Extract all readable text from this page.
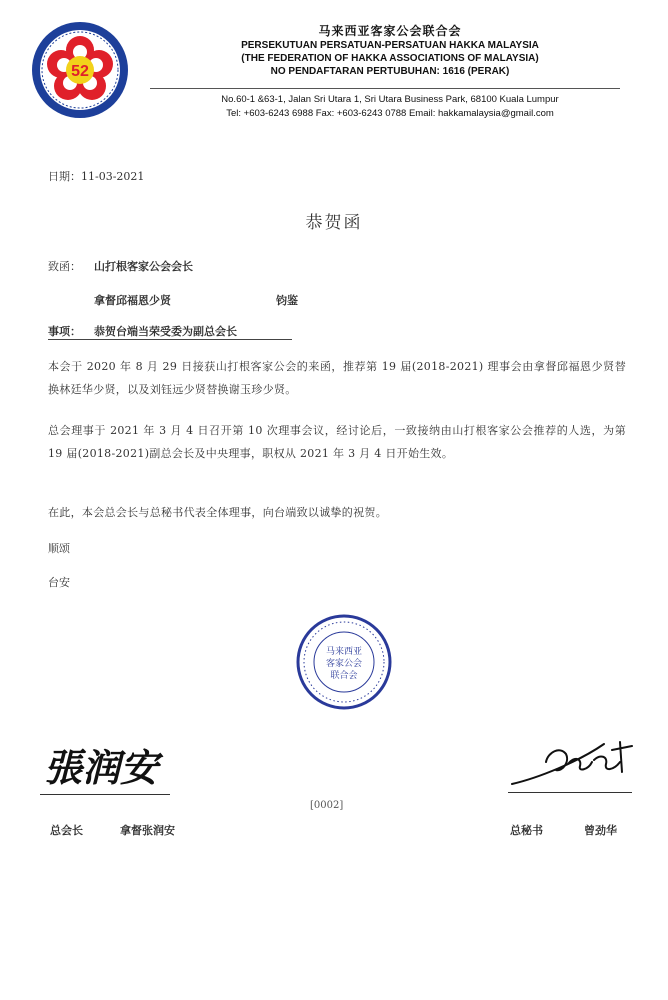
52
马来西亚客家公会联合会
PERSEKUTUAN PERSATUAN-PERSATUAN HAKKA MALAYSIA
(THE FEDERATION OF HAKKA ASSOCIATIONS OF MALAYSIA)
NO PENDAFTARAN PERTUBUHAN: 1616 (PERAK)
No.60-1 &63-1, Jalan Sri Utara 1, Sri Utara Business Park, 68100 Kuala Lumpur
Tel: +603-6243 6988 Fax: +603-6243 0788 Email: hakkamalaysia@gmail.com
日期：11-03-2021
恭贺函
致函： 山打根客家公会会长
拿督邱福恩少贤	钧鉴
事项： 恭贺台端当荣受委为副总会长
本会于 2020 年 8 月 29 日接获山打根客家公会的来函，推荐第 19 届(2018-2021) 理事会由拿督邱福恩少贤替换林廷华少贤，以及刘钰远少贤替换谢玉珍少贤。
总会理事于 2021 年 3 月 4 日召开第 10 次理事会议，经讨论后，一致接纳由山打根客家公会推荐的人选，为第 19 届(2018-2021)副总会长及中央理事，职权从 2021 年 3 月 4 日开始生效。
在此，本会总会长与总秘书代表全体理事，向台端致以诚挚的祝贺。
顺颂
台安
马来西亚
客家公会
联合会
張润安
[0002]
总会长	拿督张润安	总秘书	曾劲华
